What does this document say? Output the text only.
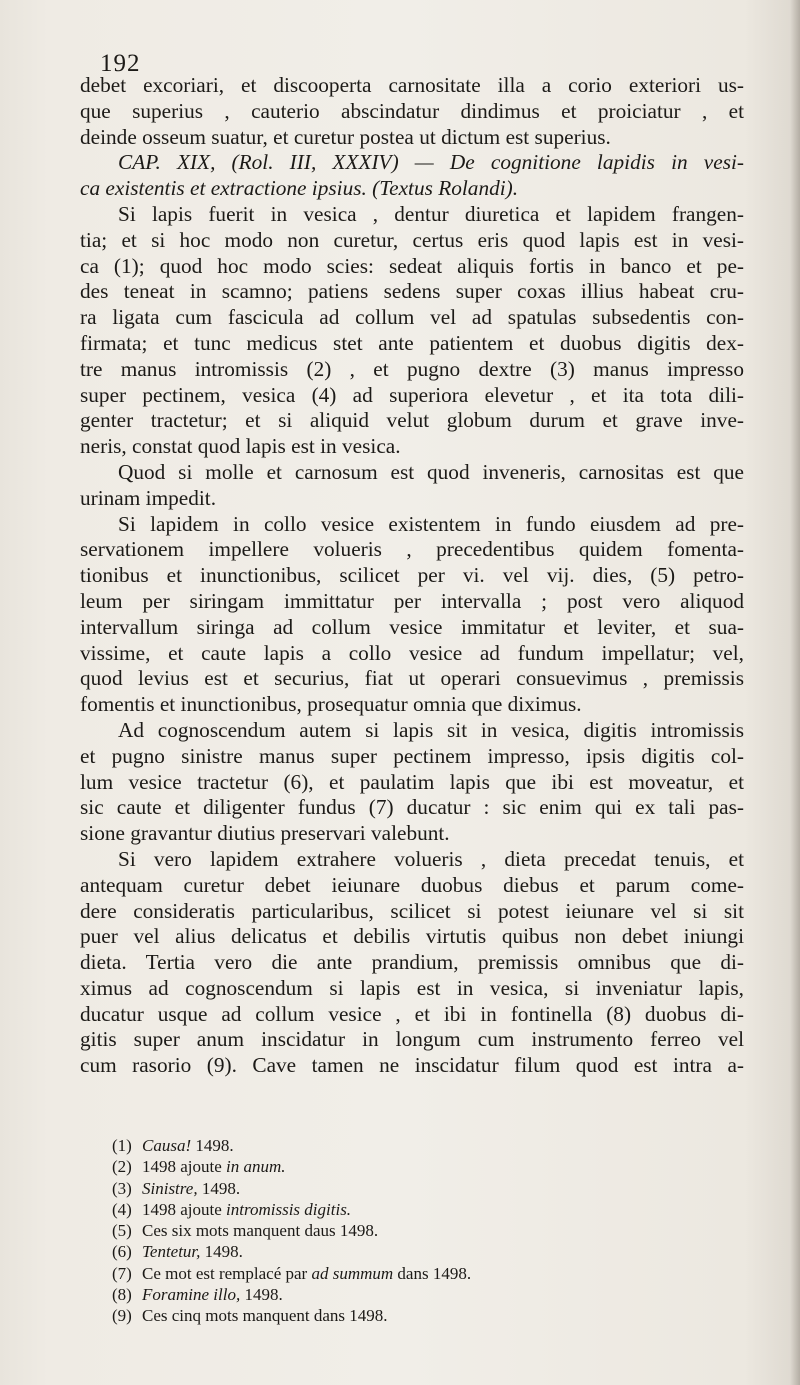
192
debet excoriari, et discooperta carnositate illa a corio exteriori us-
que superius , cauterio abscindatur dindimus et proiciatur , et
deinde osseum suatur, et curetur postea ut dictum est superius.
CAP. XIX, (Rol. III, XXXIV) — De cognitione lapidis in vesi-
ca existentis et extractione ipsius. (Textus Rolandi).
Si lapis fuerit in vesica , dentur diuretica et lapidem frangen-
tia; et si hoc modo non curetur, certus eris quod lapis est in vesi-
ca (1); quod hoc modo scies: sedeat aliquis fortis in banco et pe-
des teneat in scamno; patiens sedens super coxas illius habeat cru-
ra ligata cum fascicula ad collum vel ad spatulas subsedentis con-
firmata; et tunc medicus stet ante patientem et duobus digitis dex-
tre manus intromissis (2) , et pugno dextre (3) manus impresso
super pectinem, vesica (4) ad superiora elevetur , et ita tota dili-
genter tractetur; et si aliquid velut globum durum et grave inve-
neris, constat quod lapis est in vesica.
Quod si molle et carnosum est quod inveneris, carnositas est que
urinam impedit.
Si lapidem in collo vesice existentem in fundo eiusdem ad pre-
servationem impellere volueris , precedentibus quidem fomenta-
tionibus et inunctionibus, scilicet per vi. vel vij. dies, (5) petro-
leum per siringam immittatur per intervalla ; post vero aliquod
intervallum siringa ad collum vesice immitatur et leviter, et sua-
vissime, et caute lapis a collo vesice ad fundum impellatur; vel,
quod levius est et securius, fiat ut operari consuevimus , premissis
fomentis et inunctionibus, prosequatur omnia que diximus.
Ad cognoscendum autem si lapis sit in vesica, digitis intromissis
et pugno sinistre manus super pectinem impresso, ipsis digitis col-
lum vesice tractetur (6), et paulatim lapis que ibi est moveatur, et
sic caute et diligenter fundus (7) ducatur : sic enim qui ex tali pas-
sione gravantur diutius preservari valebunt.
Si vero lapidem extrahere volueris , dieta precedat tenuis, et
antequam curetur debet ieiunare duobus diebus et parum come-
dere consideratis particularibus, scilicet si potest ieiunare vel si sit
puer vel alius delicatus et debilis virtutis quibus non debet iniungi
dieta. Tertia vero die ante prandium, premissis omnibus que di-
ximus ad cognoscendum si lapis est in vesica, si inveniatur lapis,
ducatur usque ad collum vesice , et ibi in fontinella (8) duobus di-
gitis super anum inscidatur in longum cum instrumento ferreo vel
cum rasorio (9). Cave tamen ne inscidatur filum quod est intra a-
(1) Causa! 1498.
(2) 1498 ajoute in anum.
(3) Sinistre, 1498.
(4) 1498 ajoute intromissis digitis.
(5) Ces six mots manquent daus 1498.
(6) Tentetur, 1498.
(7) Ce mot est remplacé par ad summum dans 1498.
(8) Foramine illo, 1498.
(9) Ces cinq mots manquent dans 1498.
